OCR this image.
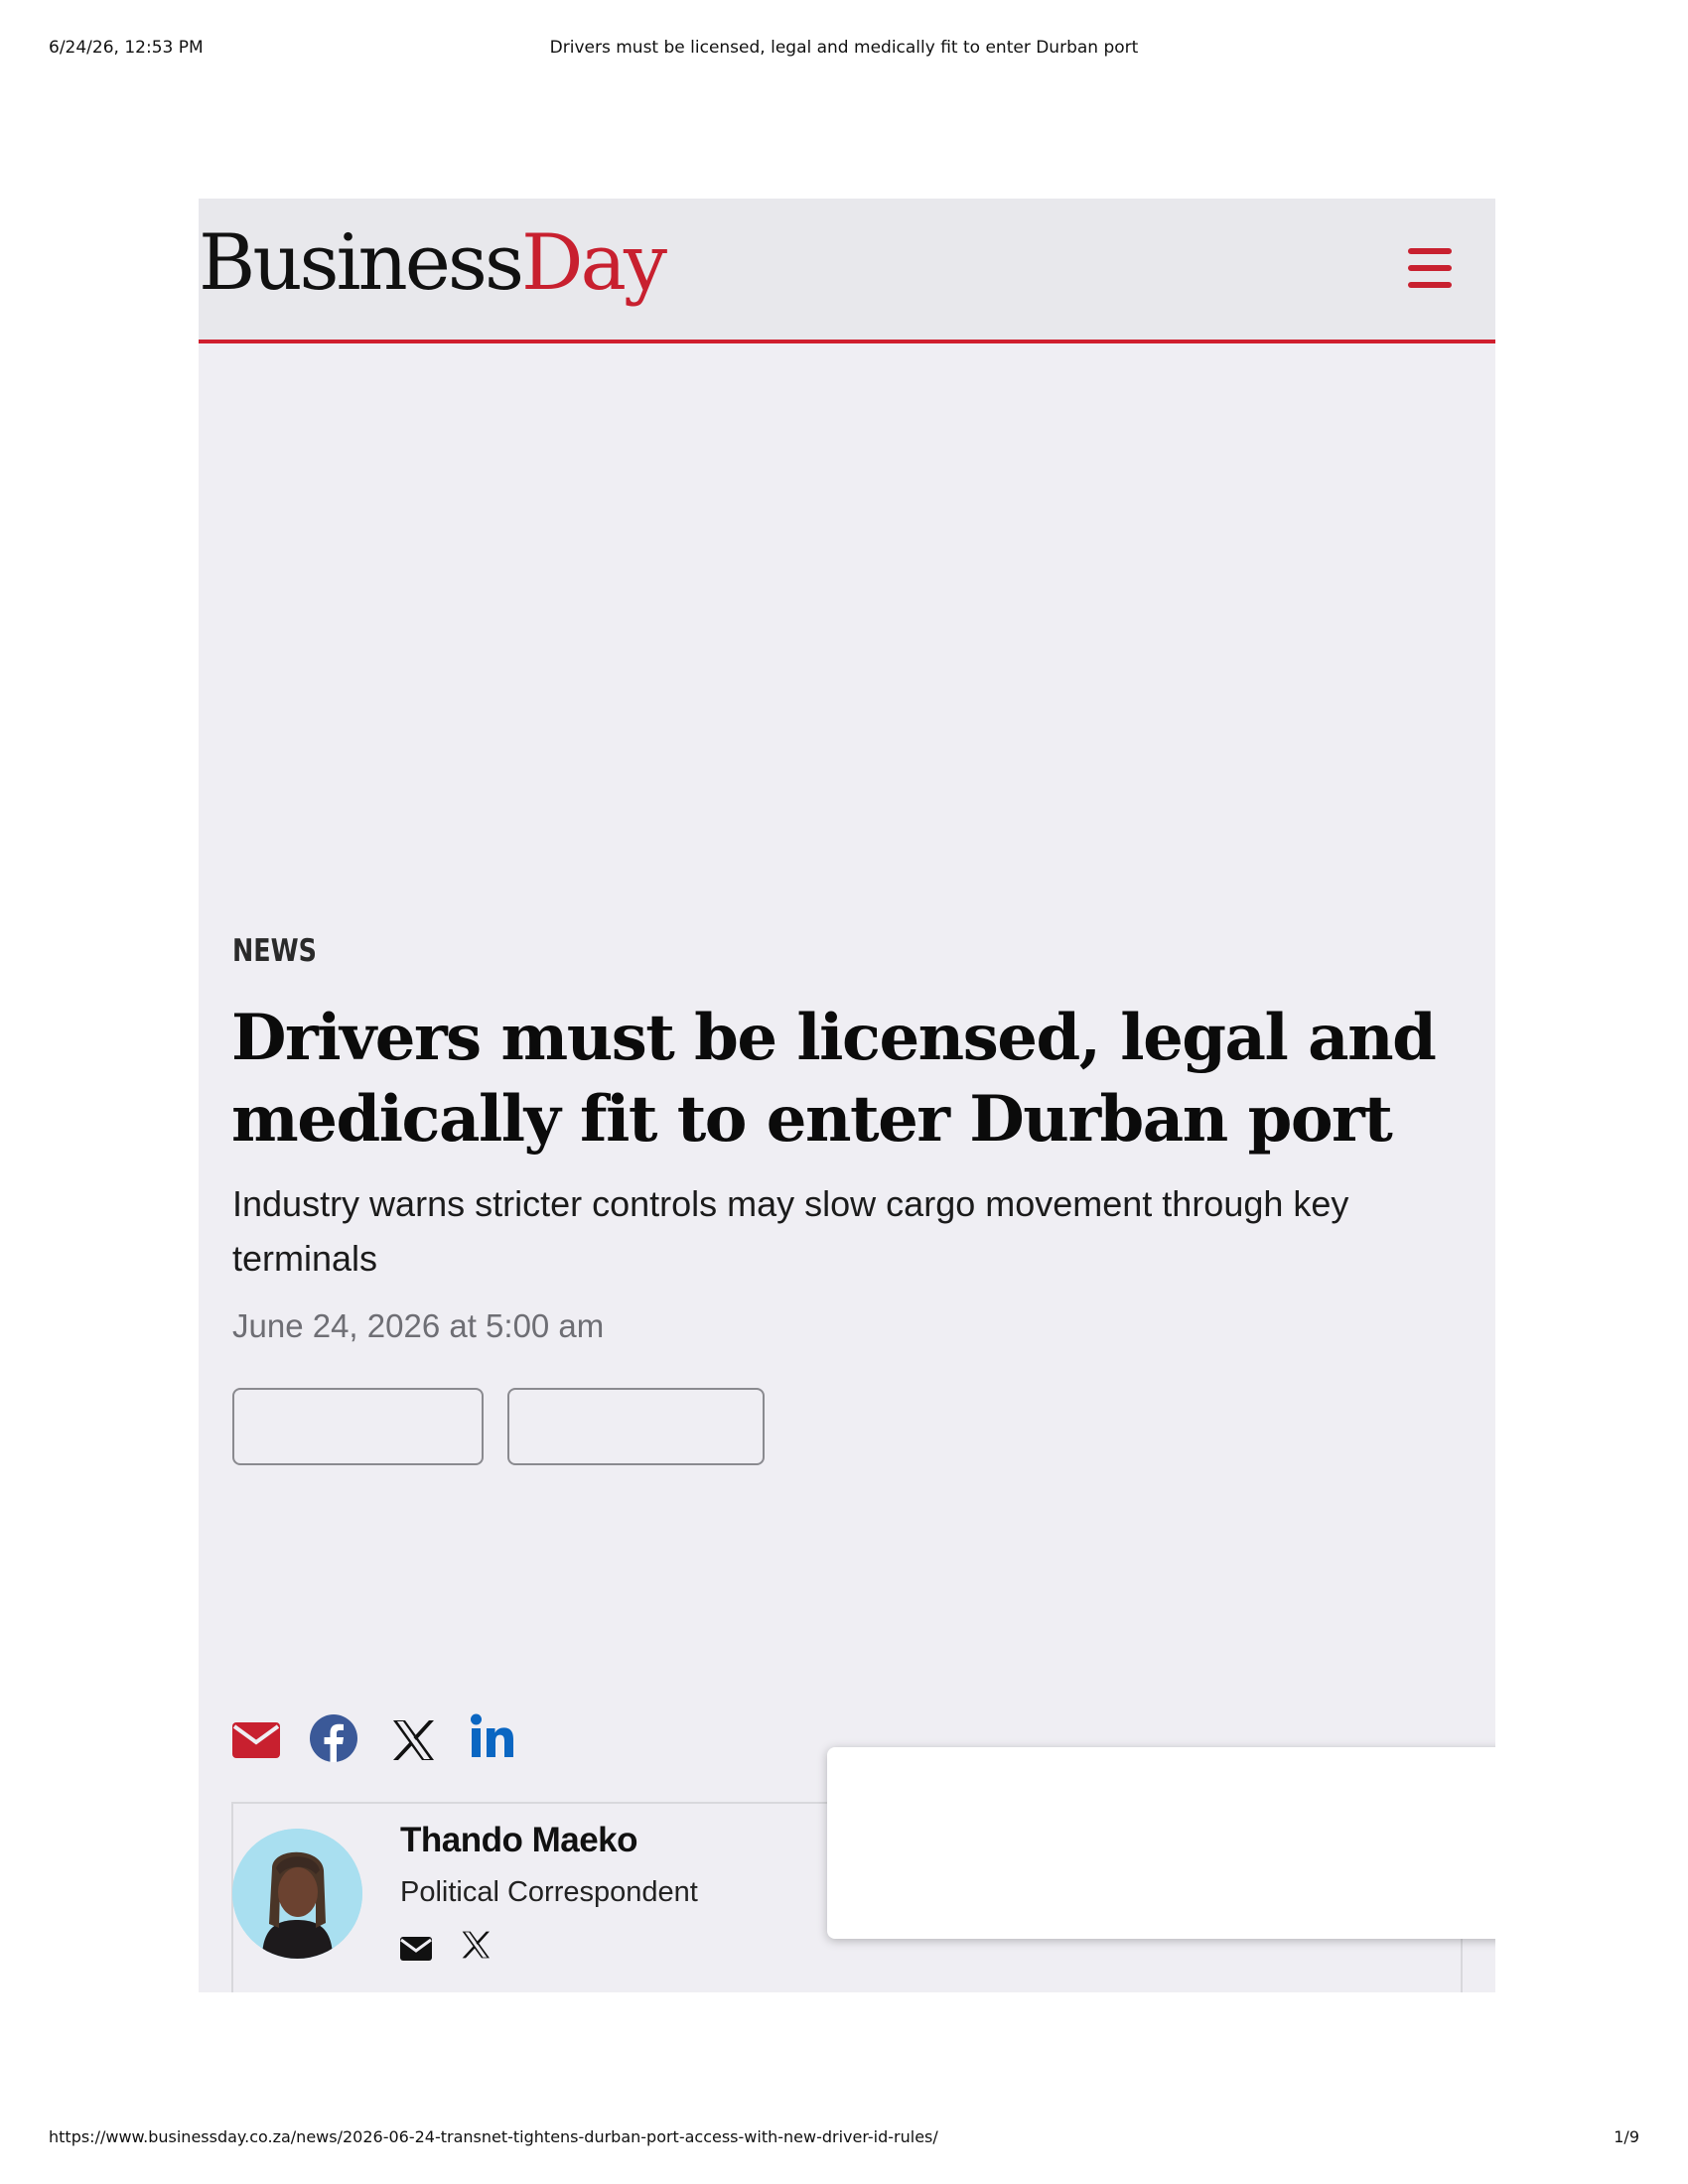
6/24/26, 12:53 PM	Drivers must be licensed, legal and medically fit to enter Durban port
BusinessDay
NEWS
Drivers must be licensed, legal and medically fit to enter Durban port

Industry warns stricter controls may slow cargo movement through key terminals

June 24, 2026 at 5:00 am
Thando Maeko
Political Correspondent
https://www.businessday.co.za/news/2026-06-24-transnet-tightens-durban-port-access-with-new-driver-id-rules/	1/9
